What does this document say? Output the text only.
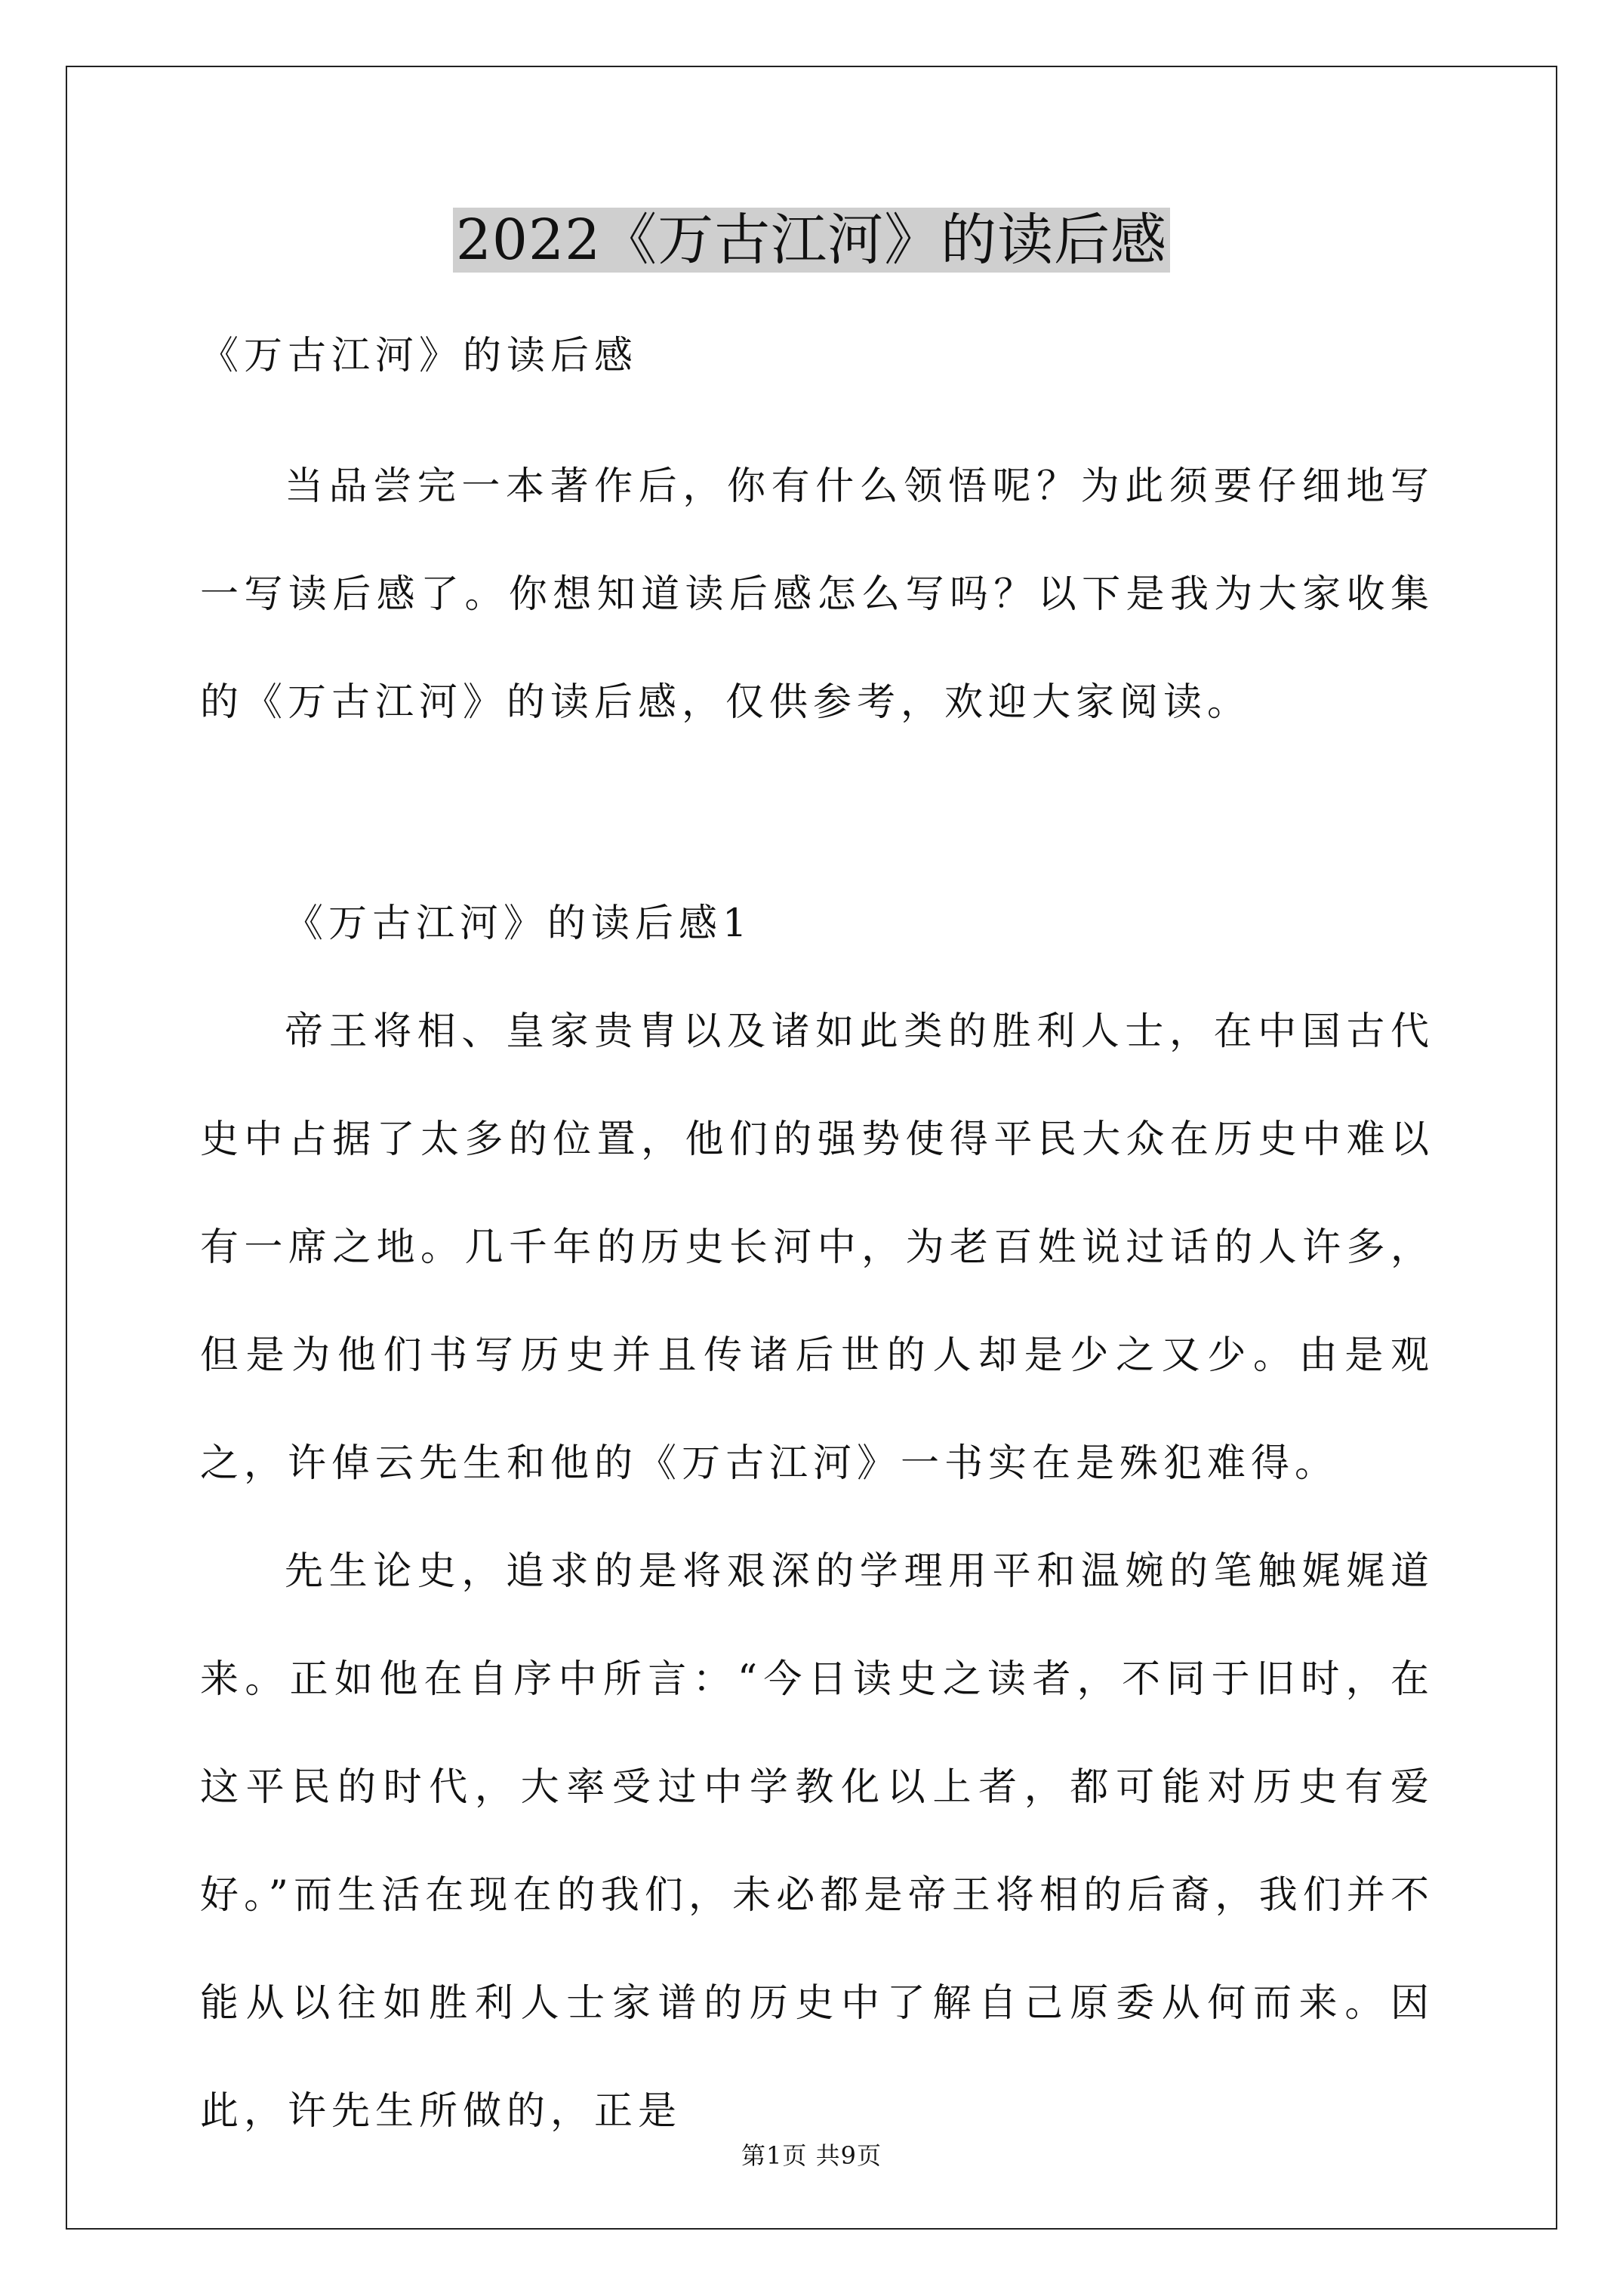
2022《万古江河》的读后感

《万古江河》的读后感

当品尝完一本著作后，你有什么领悟呢？为此须要仔细地写一写读后感了。你想知道读后感怎么写吗？以下是我为大家收集的《万古江河》的读后感，仅供参考，欢迎大家阅读。

《万古江河》的读后感1

帝王将相、皇家贵胄以及诸如此类的胜利人士，在中国古代史中占据了太多的位置，他们的强势使得平民大众在历史中难以有一席之地。几千年的历史长河中，为老百姓说过话的人许多，但是为他们书写历史并且传诸后世的人却是少之又少。由是观之，许倬云先生和他的《万古江河》一书实在是殊犯难得。

先生论史，追求的是将艰深的学理用平和温婉的笔触娓娓道来。正如他在自序中所言：“今日读史之读者，不同于旧时，在这平民的时代，大率受过中学教化以上者，都可能对历史有爱好。”而生活在现在的我们，未必都是帝王将相的后裔，我们并不能从以往如胜利人士家谱的历史中了解自己原委从何而来。因此，许先生所做的，正是

第1页 共9页
